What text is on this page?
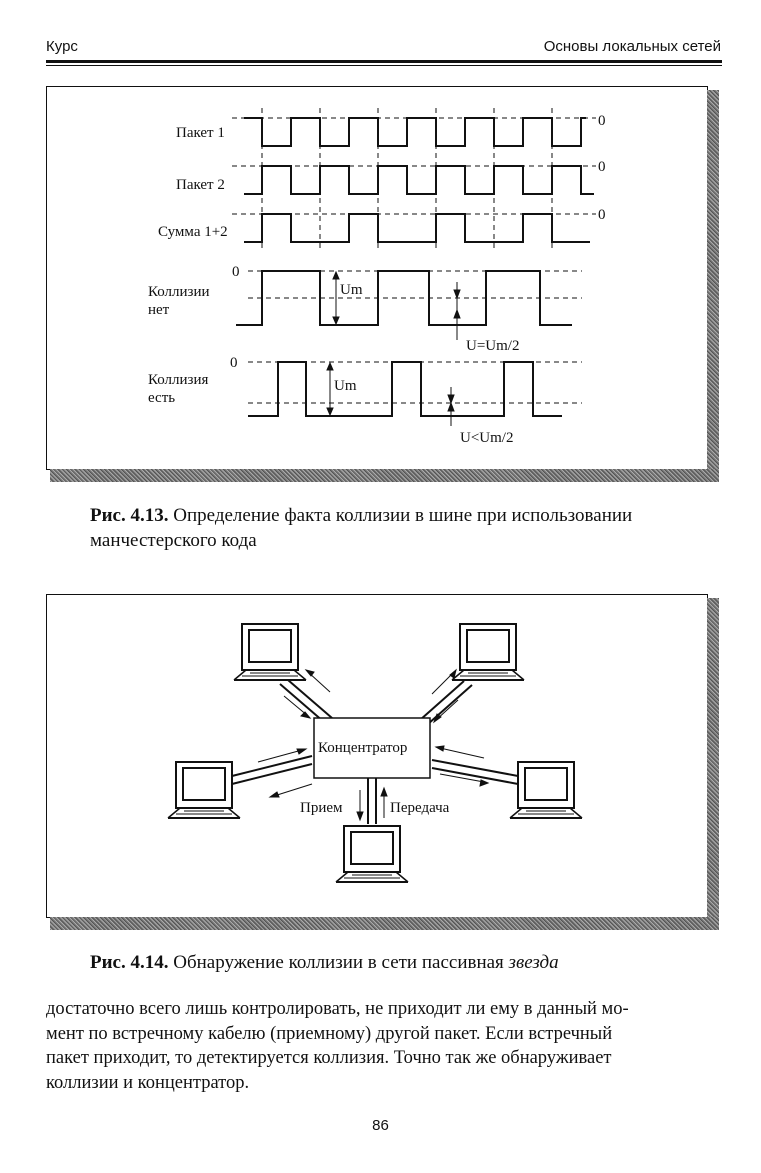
Курс	Основы локальных сетей
Пакет 1
Пакет 2
Сумма 1+2
Коллизии
нет
Коллизия
есть
0
0
0
0
0
Um
Um
U=Um/2
U<Um/2
Рис. 4.13. Определение факта коллизии в шине при использовании
манчестерского кода
Концентратор
Прием	Передача
Рис. 4.14. Обнаружение коллизии в сети пассивная звезда
достаточно всего лишь контролировать, не приходит ли ему в данный мо-
мент по встречному кабелю (приемному) другой пакет. Если встречный
пакет приходит, то детектируется коллизия. Точно так же обнаруживает
коллизии и концентратор.
86
